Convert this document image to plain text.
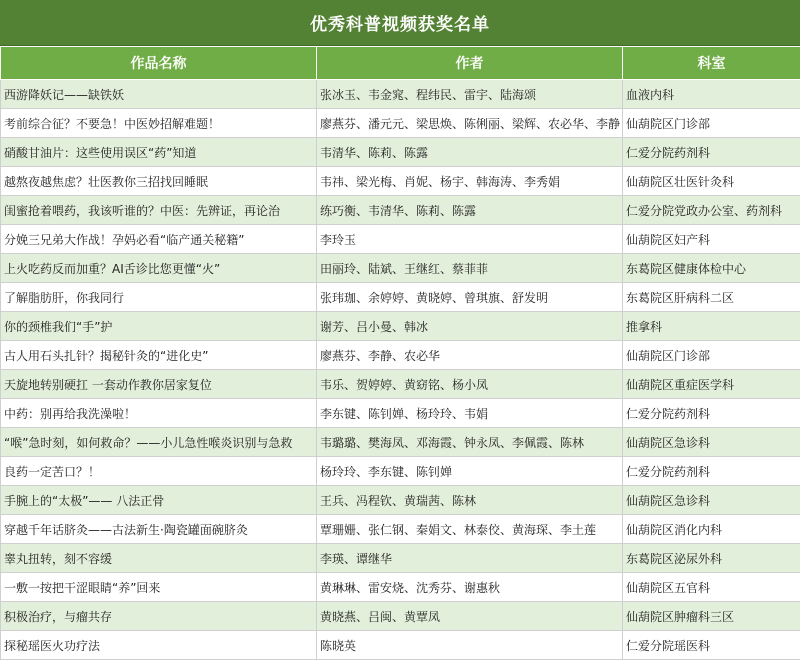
优秀科普视频获奖名单
作品名称	作者	科室
西游降妖记——缺铁妖	张冰玉、韦金窕、程纬民、雷宇、陆海颂	血液内科
考前综合征？不要急！中医妙招解难题！	廖燕芬、潘元元、梁思焕、陈俐丽、梁辉、农必华、李静	仙葫院区门诊部
硝酸甘油片：这些使用误区“药”知道	韦清华、陈莉、陈露	仁爱分院药剂科
越熬夜越焦虑？壮医教你三招找回睡眠	韦祎、梁光梅、肖妮、杨宇、韩海涛、李秀娟	仙葫院区壮医针灸科
闺蜜抢着喂药，我该听谁的？中医：先辨证，再论治	练巧衡、韦清华、陈莉、陈露	仁爱分院党政办公室、药剂科
分娩三兄弟大作战！孕妈必看“临产通关秘籍”	李玲玉	仙葫院区妇产科
上火吃药反而加重？AI舌诊比您更懂“火”	田丽玲、陆斌、王继红、蔡菲菲	东葛院区健康体检中心
了解脂肪肝，你我同行	张玮珈、余婷婷、黄晓婷、曾琪旗、舒发明	东葛院区肝病科二区
你的颈椎我们“手”护	谢芳、吕小曼、韩冰	推拿科
古人用石头扎针？揭秘针灸的“进化史”	廖燕芬、李静、农必华	仙葫院区门诊部
天旋地转别硬扛 一套动作教你居家复位	韦乐、贺婷婷、黄窈铭、杨小凤	仙葫院区重症医学科
中药：别再给我洗澡啦！	李东键、陈钊婵、杨玲玲、韦娟	仁爱分院药剂科
“喉”急时刻，如何救命？——小儿急性喉炎识别与急救	韦璐璐、樊海凤、邓海霞、钟永凤、李佩霞、陈林	仙葫院区急诊科
良药一定苦口？！	杨玲玲、李东键、陈钊婵	仁爱分院药剂科
手腕上的“太极”—— 八法正骨	王兵、冯程钦、黄瑞茜、陈林	仙葫院区急诊科
穿越千年话脐灸——古法新生·陶瓷罐面碗脐灸	覃珊姗、张仁钢、秦娟文、林泰佼、黄海琛、李土莲	仙葫院区消化内科
睾丸扭转，刻不容缓	李瑛、谭继华	东葛院区泌尿外科
一敷一按把干涩眼睛“养”回来	黄琳琳、雷安烧、沈秀芬、谢惠秋	仙葫院区五官科
积极治疗，与瘤共存	黄晓燕、吕闽、黄覃凤	仙葫院区肿瘤科三区
探秘瑶医火功疗法	陈晓英	仁爱分院瑶医科
